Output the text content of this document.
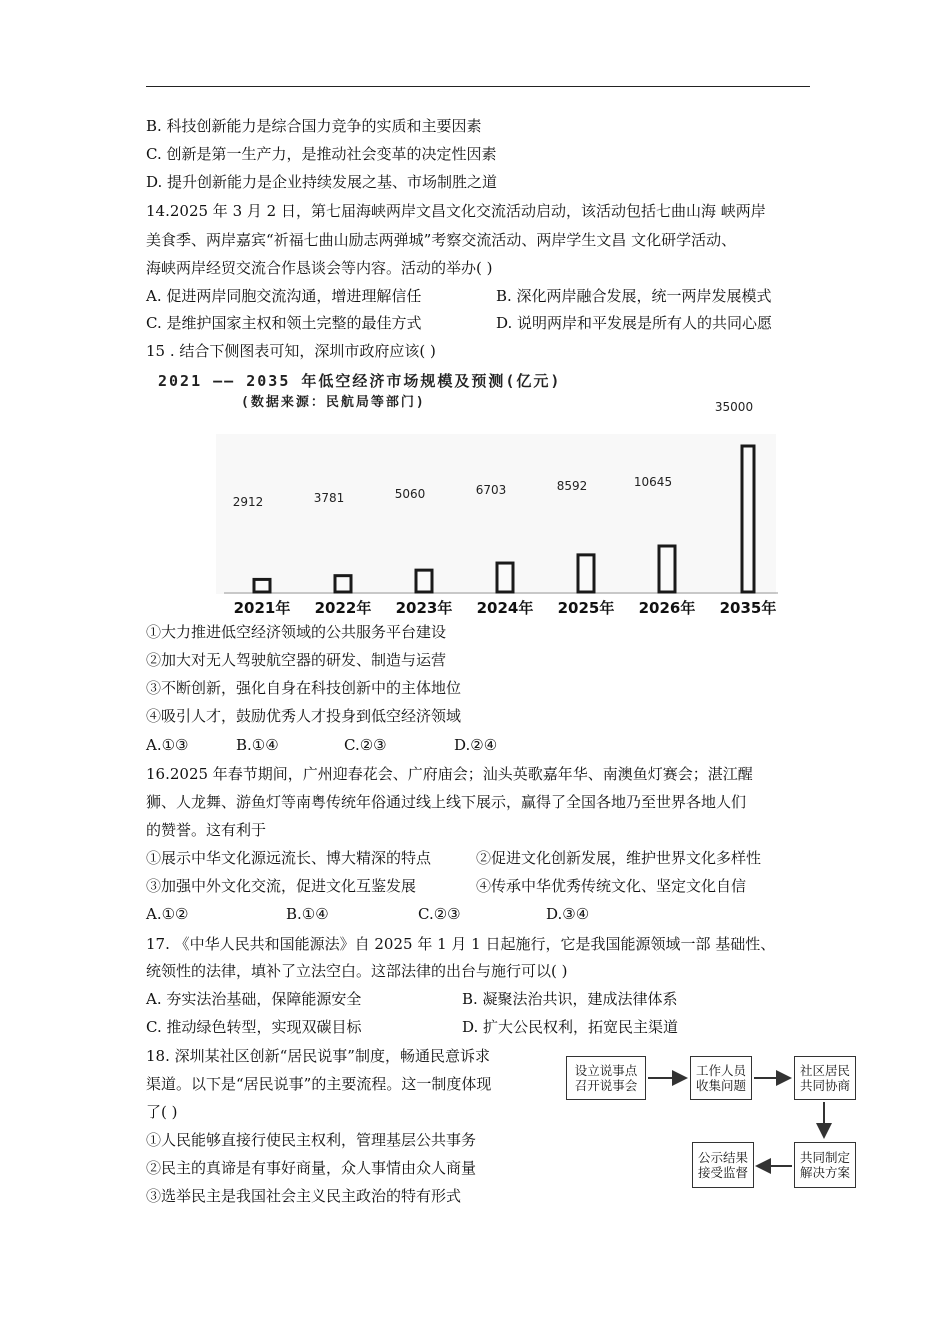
B. 科技创新能力是综合国力竞争的实质和主要因素
C. 创新是第一生产力，是推动社会变革的决定性因素
D. 提升创新能力是企业持续发展之基、市场制胜之道
14.2025 年 3 月 2 日，第七届海峡两岸文昌文化交流活动启动，该活动包括七曲山海 峡两岸
美食季、两岸嘉宾“祈福七曲山励志两弹城”考察交流活动、两岸学生文昌 文化研学活动、
海峡两岸经贸交流合作恳谈会等内容。活动的举办( )
A. 促进两岸同胞交流沟通，增进理解信任	B. 深化两岸融合发展，统一两岸发展模式
C. 是维护国家主权和领土完整的最佳方式	D. 说明两岸和平发展是所有人的共同心愿
15 . 结合下侧图表可知，深圳市政府应该( )
2021 —— 2035 年低空经济市场规模及预测(亿元)
(数据来源：民航局等部门)
2912	3781	5060	6703	8592	10645
35000
2021年 2022年 2023年 2024年 2025年 2026年 2035年
①大力推进低空经济领域的公共服务平台建设
②加大对无人驾驶航空器的研发、制造与运营
③不断创新，强化自身在科技创新中的主体地位
④吸引人才，鼓励优秀人才投身到低空经济领域
A.①③	B.①④	C.②③	D.②④
16.2025 年春节期间，广州迎春花会、广府庙会；汕头英歌嘉年华、南澳鱼灯赛会；湛江醒
狮、人龙舞、游鱼灯等南粤传统年俗通过线上线下展示，赢得了全国各地乃至世界各地人们
的赞誉。这有利于
①展示中华文化源远流长、博大精深的特点	②促进文化创新发展，维护世界文化多样性
③加强中外文化交流，促进文化互鉴发展	④传承中华优秀传统文化、坚定文化自信
A.①②	B.①④	C.②③	D.③④
17. 《中华人民共和国能源法》自 2025 年 1 月 1 日起施行，它是我国能源领域一部 基础性、
统领性的法律，填补了立法空白。这部法律的出台与施行可以( )
A. 夯实法治基础，保障能源安全	B. 凝聚法治共识，建成法律体系
C. 推动绿色转型，实现双碳目标	D. 扩大公民权利，拓宽民主渠道
18. 深圳某社区创新“居民说事”制度，畅通民意诉求
渠道。以下是“居民说事”的主要流程。这一制度体现
了( )
①人民能够直接行使民主权利，管理基层公共事务
②民主的真谛是有事好商量，众人事情由众人商量
③选举民主是我国社会主义民主政治的特有形式
设立说事点召开说事会
工作人员收集问题
社区居民共同协商
共同制定解决方案
公示结果接受监督
